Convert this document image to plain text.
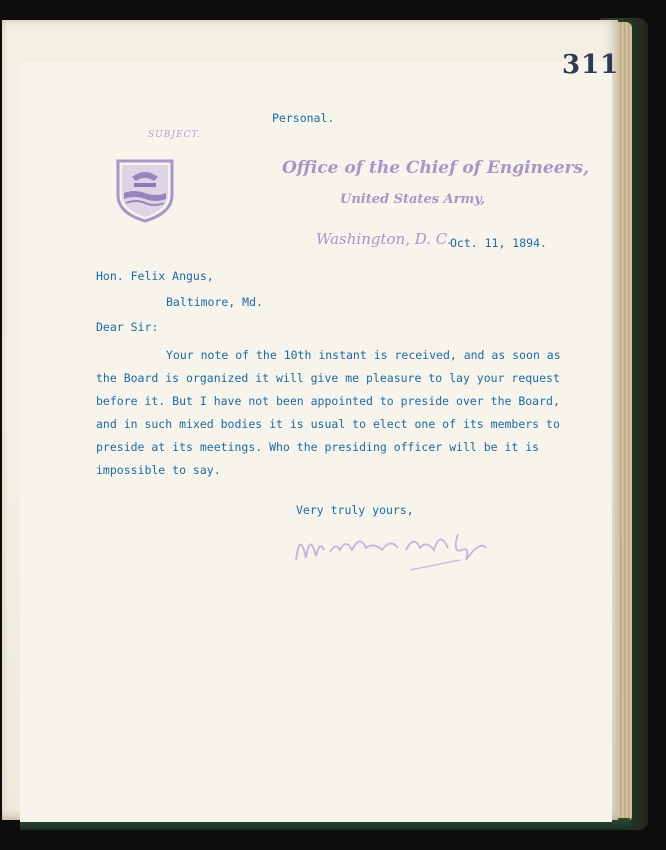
311
Personal.
SUBJECT.
Office of the Chief of Engineers,
United States Army,
Washington, D. C.
Oct. 11, 1894.
Hon. Felix Angus,
Baltimore, Md.
Dear Sir:
Your note of the 10th instant is received, and as soon as
the Board is organized it will give me pleasure to lay your request
before it. But I have not been appointed to preside over the Board,
and in such mixed bodies it is usual to elect one of its members to
preside at its meetings. Who the presiding officer will be it is
impossible to say.
Very truly yours,
